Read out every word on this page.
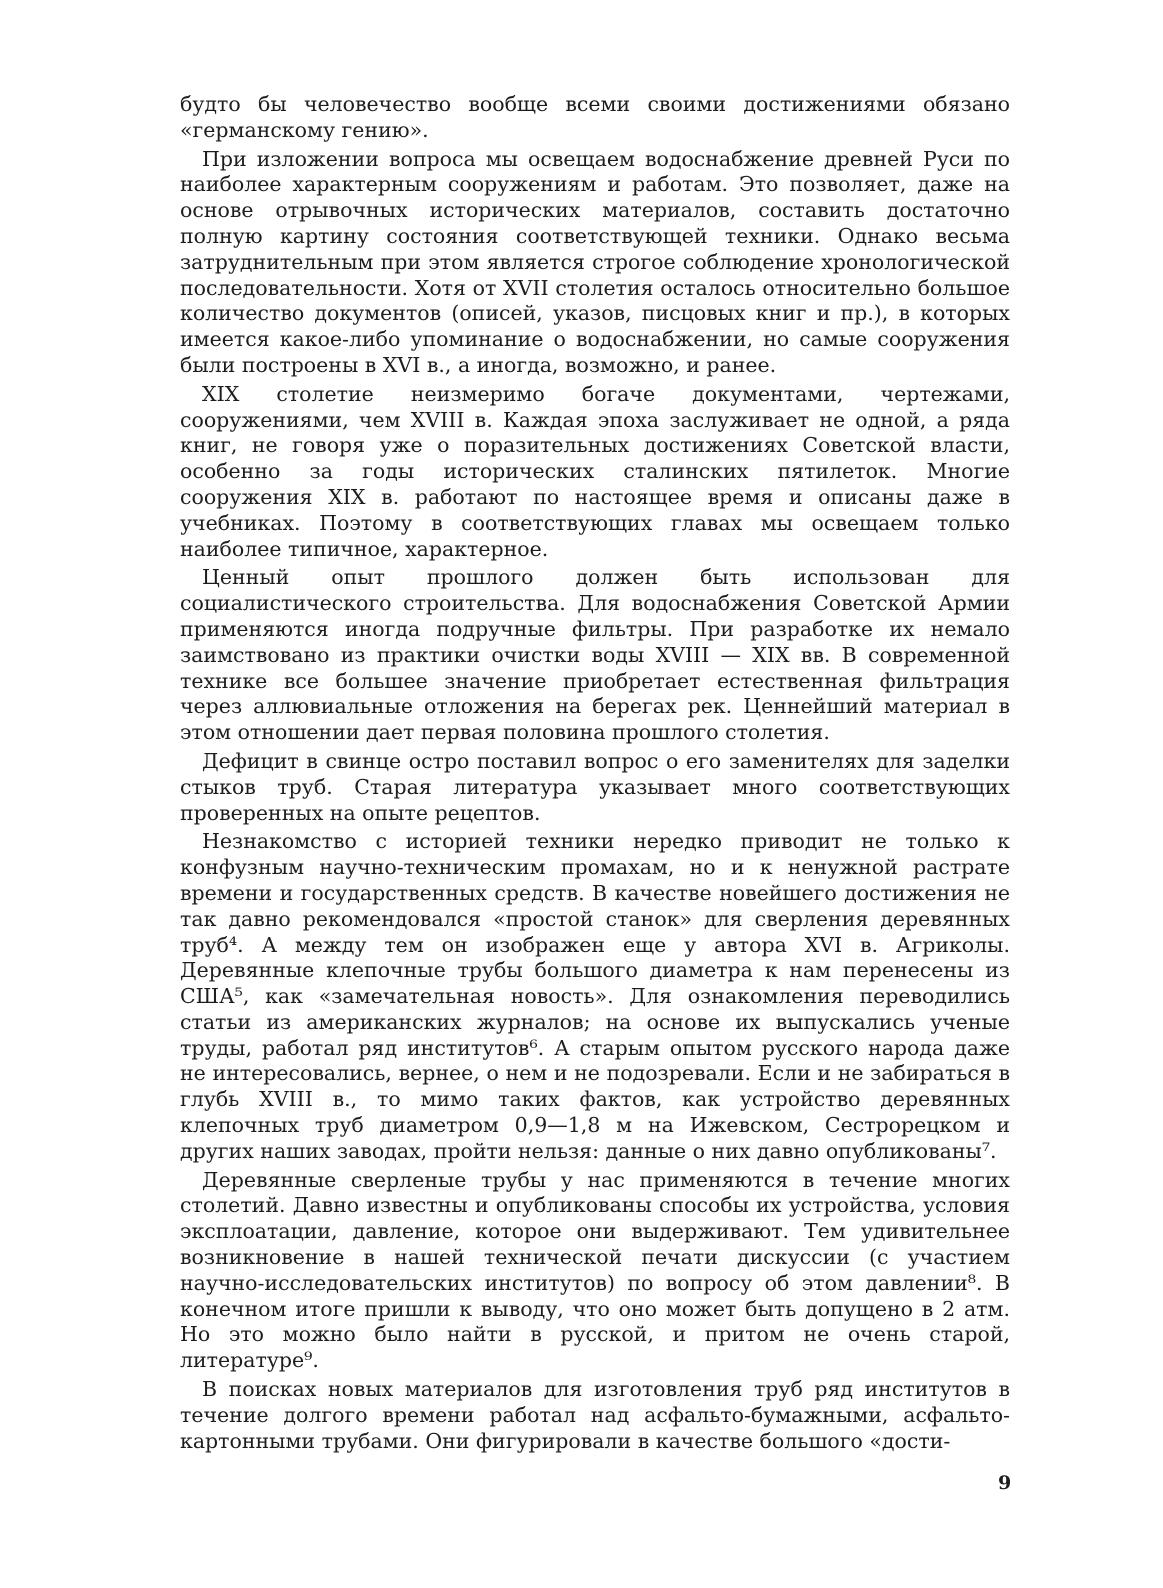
будто бы человечество вообще всеми своими достижениями обязано «германскому гению».

При изложении вопроса мы освещаем водоснабжение древней Руси по наиболее характерным сооружениям и работам. Это позволяет, даже на основе отрывочных исторических материалов, составить достаточно полную картину состояния соответствующей техники. Однако весьма затруднительным при этом является строгое соблюдение хронологической последовательности. Хотя от XVII столетия осталось относительно большое количество документов (описей, указов, писцовых книг и пр.), в которых имеется какое-либо упоминание о водоснабжении, но самые сооружения были построены в XVI в., а иногда, возможно, и ранее.

XIX столетие неизмеримо богаче документами, чертежами, сооружениями, чем XVIII в. Каждая эпоха заслуживает не одной, а ряда книг, не говоря уже о поразительных достижениях Советской власти, особенно за годы исторических сталинских пятилеток. Многие сооружения XIX в. работают по настоящее время и описаны даже в учебниках. Поэтому в соответствующих главах мы освещаем только наиболее типичное, характерное.

Ценный опыт прошлого должен быть использован для социалистического строительства. Для водоснабжения Советской Армии применяются иногда подручные фильтры. При разработке их немало заимствовано из практики очистки воды XVIII — XIX вв. В современной технике все большее значение приобретает естественная фильтрация через аллювиальные отложения на берегах рек. Ценнейший материал в этом отношении дает первая половина прошлого столетия.

Дефицит в свинце остро поставил вопрос о его заменителях для заделки стыков труб. Старая литература указывает много соответствующих проверенных на опыте рецептов.

Незнакомство с историей техники нередко приводит не только к конфузным научно-техническим промахам, но и к ненужной растрате времени и государственных средств. В качестве новейшего достижения не так давно рекомендовался «простой станок» для сверления деревянных труб⁴. А между тем он изображен еще у автора XVI в. Агриколы. Деревянные клепочные трубы большого диаметра к нам перенесены из США⁵, как «замечательная новость». Для ознакомления переводились статьи из американских журналов; на основе их выпускались ученые труды, работал ряд институтов⁶. А старым опытом русского народа даже не интересовались, вернее, о нем и не подозревали. Если и не забираться в глубь XVIII в., то мимо таких фактов, как устройство деревянных клепочных труб диаметром 0,9—1,8 м на Ижевском, Сестрорецком и других наших заводах, пройти нельзя: данные о них давно опубликованы⁷.

Деревянные сверленые трубы у нас применяются в течение многих столетий. Давно известны и опубликованы способы их устройства, условия эксплоатации, давление, которое они выдерживают. Тем удивительнее возникновение в нашей технической печати дискуссии (с участием научно-исследовательских институтов) по вопросу об этом давлении⁸. В конечном итоге пришли к выводу, что оно может быть допущено в 2 атм. Но это можно было найти в русской, и притом не очень старой, литературе⁹.

В поисках новых материалов для изготовления труб ряд институтов в течение долгого времени работал над асфальто-бумажными, асфальто-картонными трубами. Они фигурировали в качестве большого «дости-

9
